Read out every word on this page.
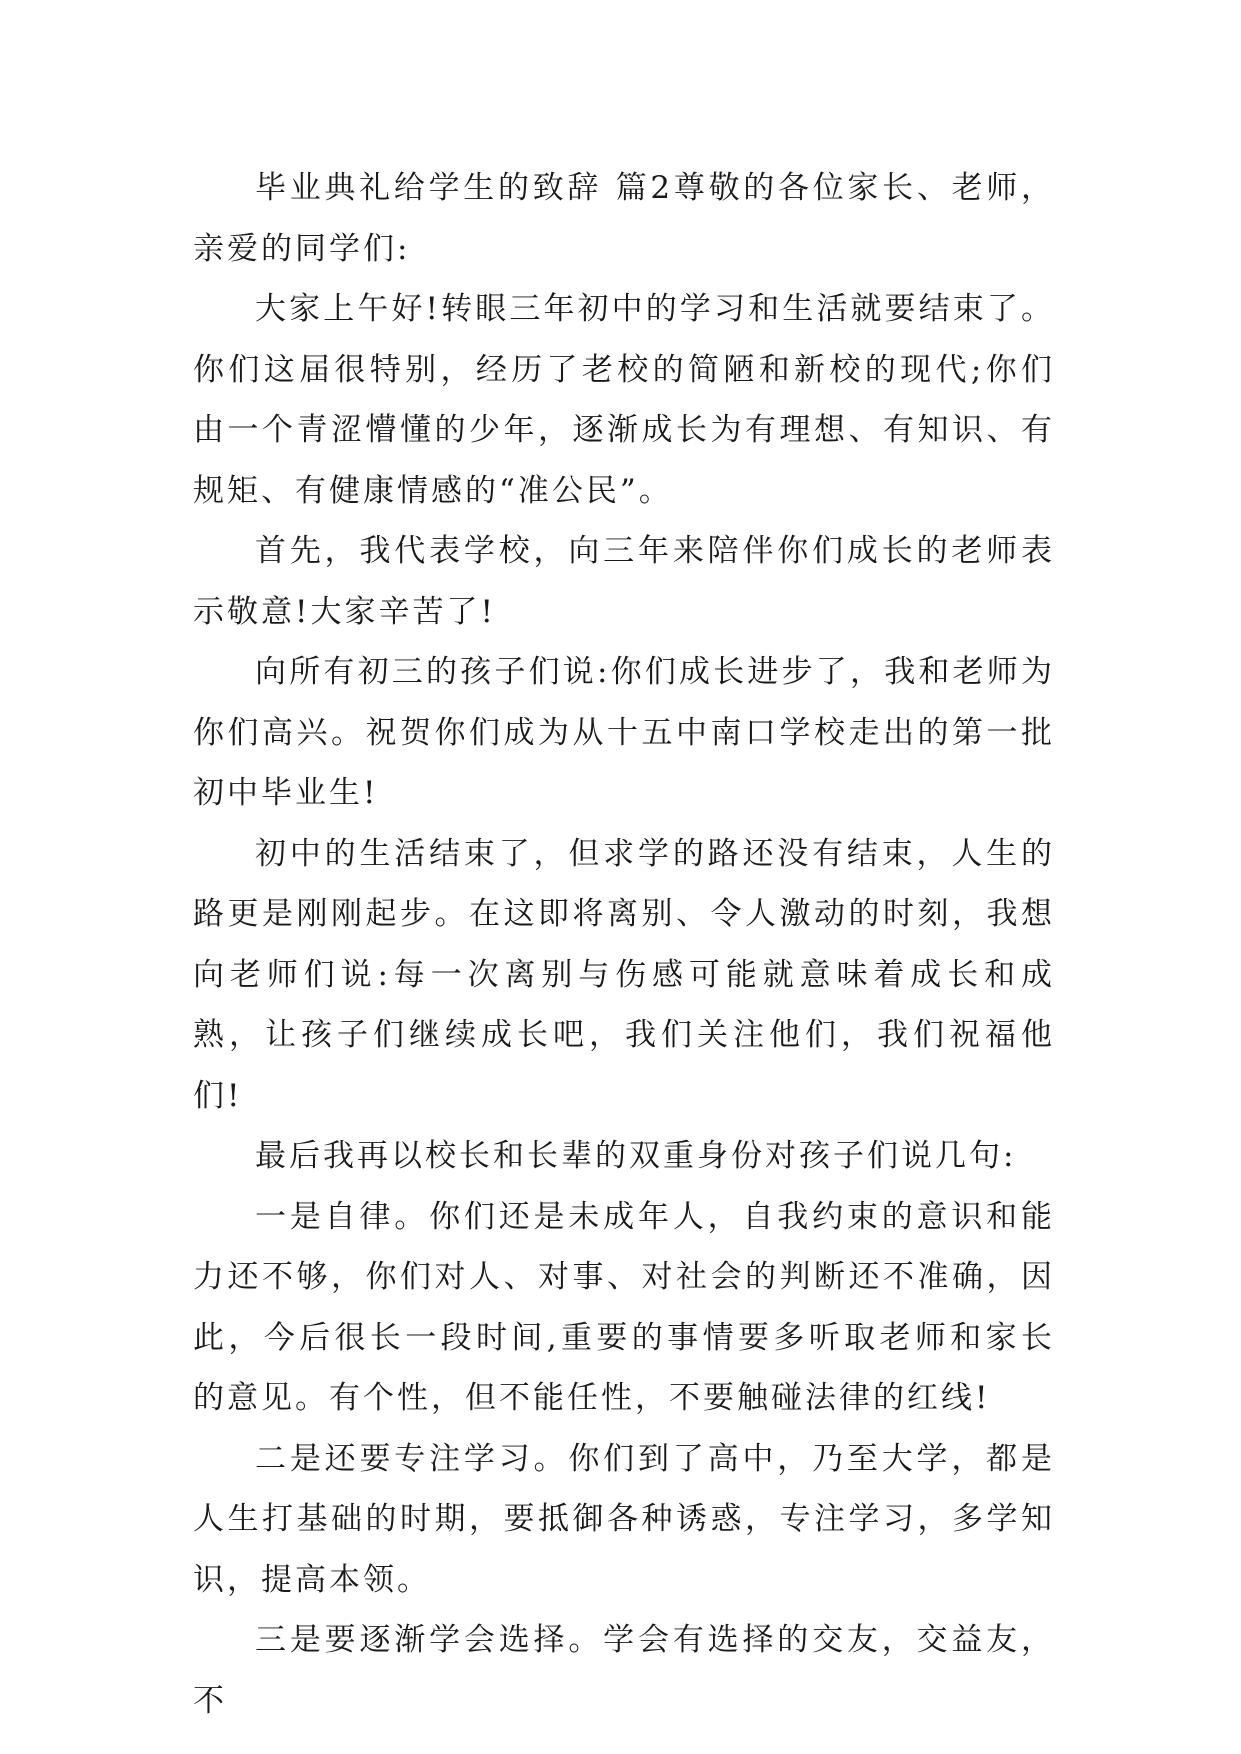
毕业典礼给学生的致辞 篇2尊敬的各位家长、老师，亲爱的同学们:

大家上午好!转眼三年初中的学习和生活就要结束了。你们这届很特别，经历了老校的简陋和新校的现代;你们由一个青涩懵懂的少年，逐渐成长为有理想、有知识、有规矩、有健康情感的“准公民”。

首先，我代表学校，向三年来陪伴你们成长的老师表示敬意!大家辛苦了!

向所有初三的孩子们说:你们成长进步了，我和老师为你们高兴。祝贺你们成为从十五中南口学校走出的第一批初中毕业生!

初中的生活结束了，但求学的路还没有结束，人生的路更是刚刚起步。在这即将离别、令人激动的时刻，我想向老师们说:每一次离别与伤感可能就意味着成长和成熟，让孩子们继续成长吧，我们关注他们，我们祝福他们!

最后我再以校长和长辈的双重身份对孩子们说几句:

一是自律。你们还是未成年人，自我约束的意识和能力还不够，你们对人、对事、对社会的判断还不准确，因此，今后很长一段时间,重要的事情要多听取老师和家长的意见。有个性，但不能任性，不要触碰法律的红线!

二是还要专注学习。你们到了高中，乃至大学，都是人生打基础的时期，要抵御各种诱惑，专注学习，多学知识，提高本领。

三是要逐渐学会选择。学会有选择的交友，交益友，不
